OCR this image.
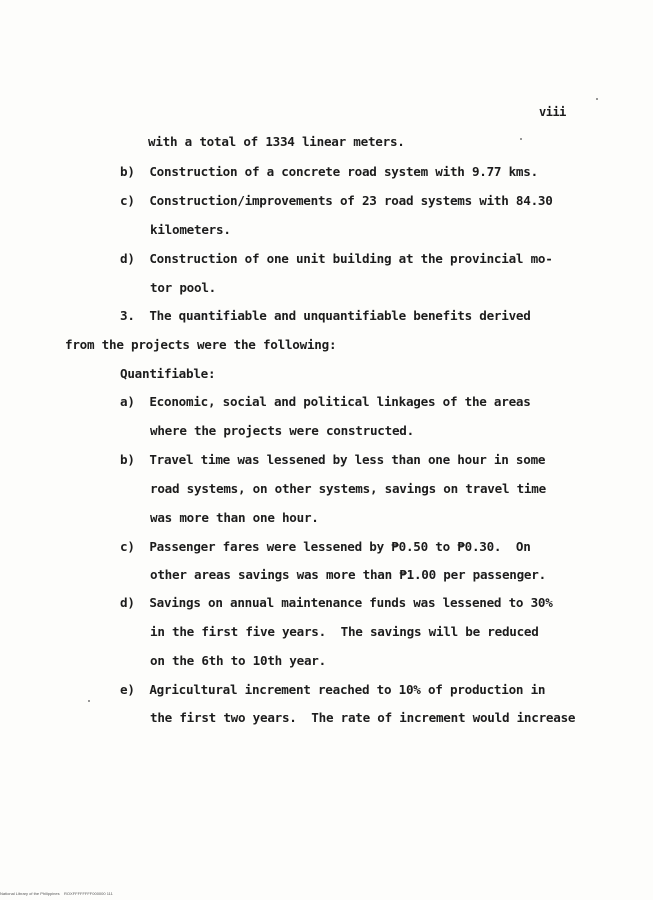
viii
with a total of 1334 linear meters.
b)  Construction of a concrete road system with 9.77 kms.
c)  Construction/improvements of 23 road systems with 84.30
kilometers.
d)  Construction of one unit building at the provincial mo-
tor pool.
3.  The quantifiable and unquantifiable benefits derived
from the projects were the following:
Quantifiable:
a)  Economic, social and political linkages of the areas
where the projects were constructed.
b)  Travel time was lessened by less than one hour in some
road systems, on other systems, savings on travel time
was more than one hour.
c)  Passenger fares were lessened by ₱0.50 to ₱0.30.  On
other areas savings was more than ₱1.00 per passenger.
d)  Savings on annual maintenance funds was lessened to 30%
in the first five years.  The savings will be reduced
on the 6th to 10th year.
e)  Agricultural increment reached to 10% of production in
the first two years.  The rate of increment would increase
National Library of the Philippines    ROXFFFFFFFF000000 111
